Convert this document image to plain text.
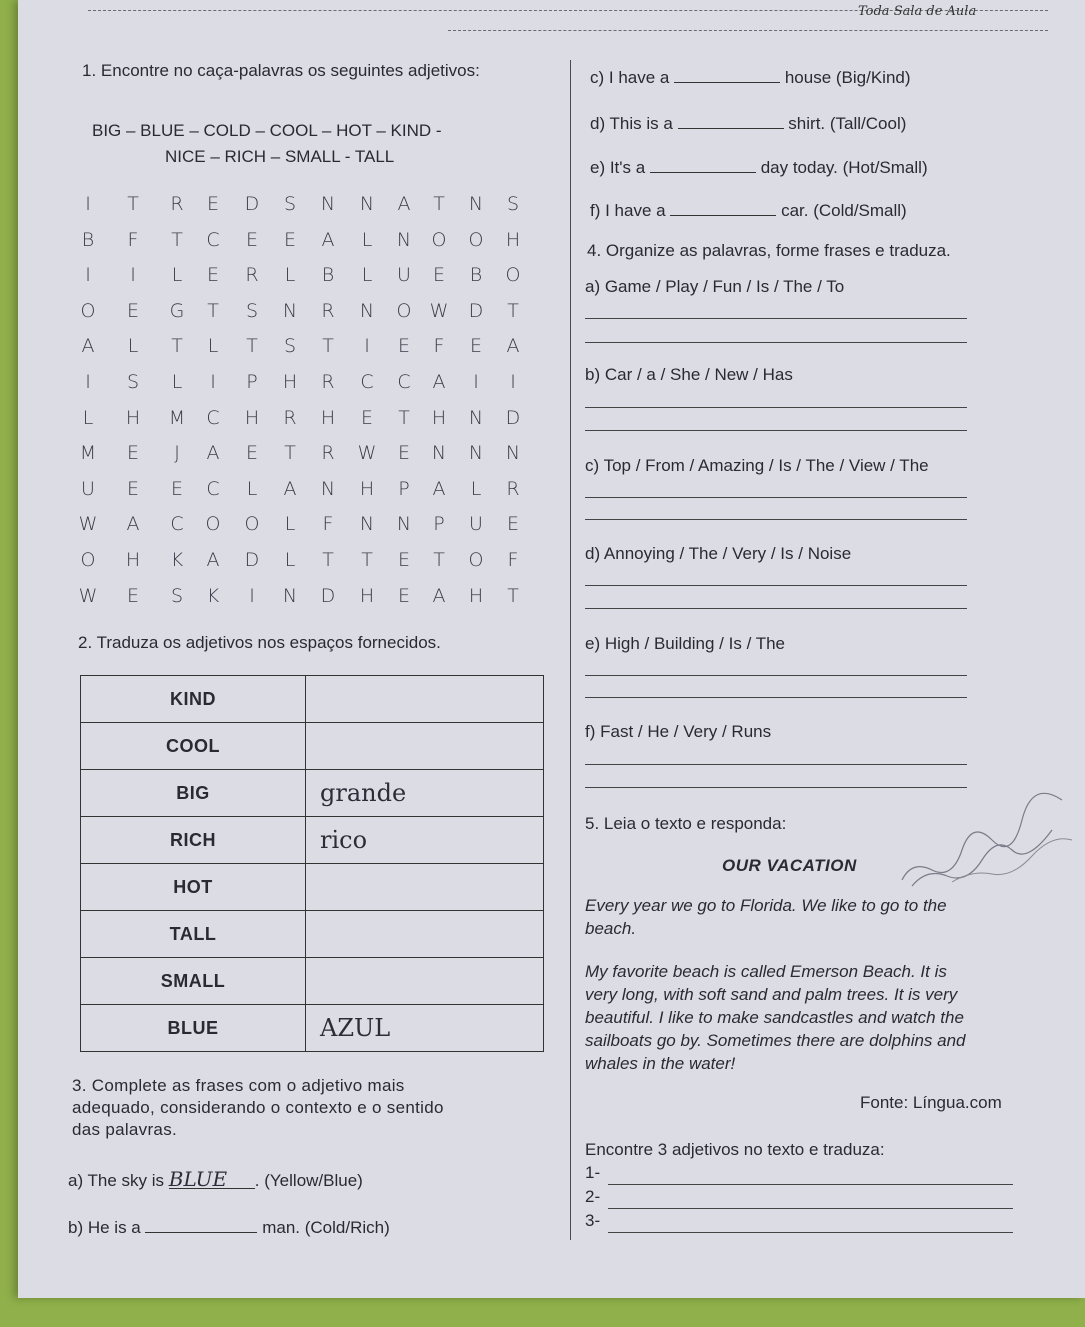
Toda Sala de Aula
1. Encontre no caça-palavras os seguintes adjetivos:
BIG – BLUE – COLD – COOL – HOT – KIND -
NICE – RICH – SMALL - TALL
I	T R E D S N N A T N S
B F T C E E A L N O O H
I	I	L E R L B L U E B O
O E G T S N R N O W D T
A L T L T S T	I	E F E A
I	S L	I	P H R C C A	I	I
L H M C H R H E T H N D
M E	J	A E T R W E N N N
U E E C L A N H P A L R
W A C O O L F N N P U E
O H K A D L T T E T O F
W E S K	I	N D H E A H T
2. Traduza os adjetivos nos espaços fornecidos.
KIND	
COOL	
BIG	grande
RICH	rico
HOT	
TALL	
SMALL	
BLUE	AZUL
3. Complete as frases com o adjetivo mais
adequado, considerando o contexto e o sentido
das palavras.
a) The sky is BLUE . (Yellow/Blue)
b) He is a	man. (Cold/Rich)
c) I have a	house (Big/Kind)
d) This is a	shirt. (Tall/Cool)
e) It's a	day today. (Hot/Small)
f) I have a	car. (Cold/Small)
4. Organize as palavras, forme frases e traduza.
a) Game / Play / Fun / Is / The / To
b) Car / a / She / New / Has
c) Top / From / Amazing / Is / The / View / The
d) Annoying / The / Very / Is / Noise
e) High / Building / Is / The
f) Fast / He / Very / Runs
5. Leia o texto e responda:
OUR VACATION
Every year we go to Florida. We like to go to the
beach.
My favorite beach is called Emerson Beach. It is
very long, with soft sand and palm trees. It is very
beautiful. I like to make sandcastles and watch the
sailboats go by. Sometimes there are dolphins and
whales in the water!
Fonte: Língua.com
Encontre 3 adjetivos no texto e traduza:
1-
2-
3-
